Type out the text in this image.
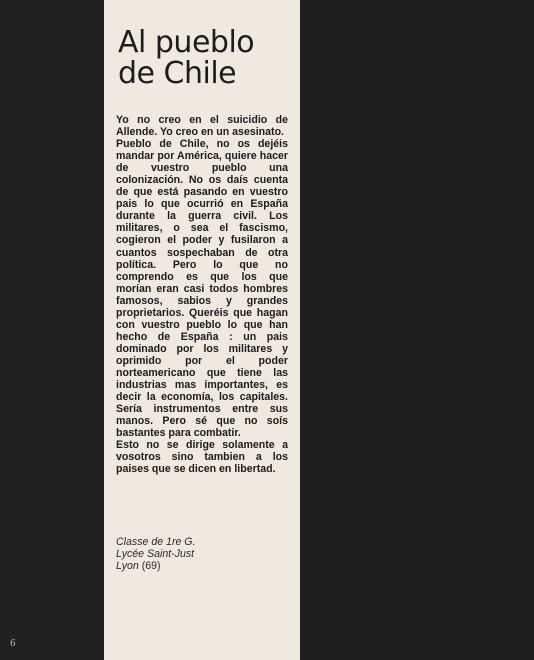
Al pueblo
de Chile

Yo no creo en el suicidio de Allende. Yo creo en un asesinato.

Pueblo de Chile, no os dejéis mandar por América, quiere hacer de vuestro pueblo una colonización. No os daís cuenta de que está pasando en vuestro pais lo que ocurrió en España durante la guerra civil. Los militares, o sea el fascismo, cogieron el poder y fusilaron a cuantos sospechaban de otra política. Pero lo que no comprendo es que los que morían eran casi todos hombres famosos, sabios y grandes proprietarios. Queréis que hagan con vuestro pueblo lo que han hecho de España : un pais dominado por los militares y oprimido por el poder norteamericano que tiene las industrias mas importantes, es decir la economía, los capitales. Sería instrumentos entre sus manos. Pero sé que no soís bastantes para combatir.

Esto no se dirige solamente a vosotros sino tambien a los paises que se dicen en libertad.

Classe de 1re G.
Lycée Saint-Just
Lyon (69)
6
